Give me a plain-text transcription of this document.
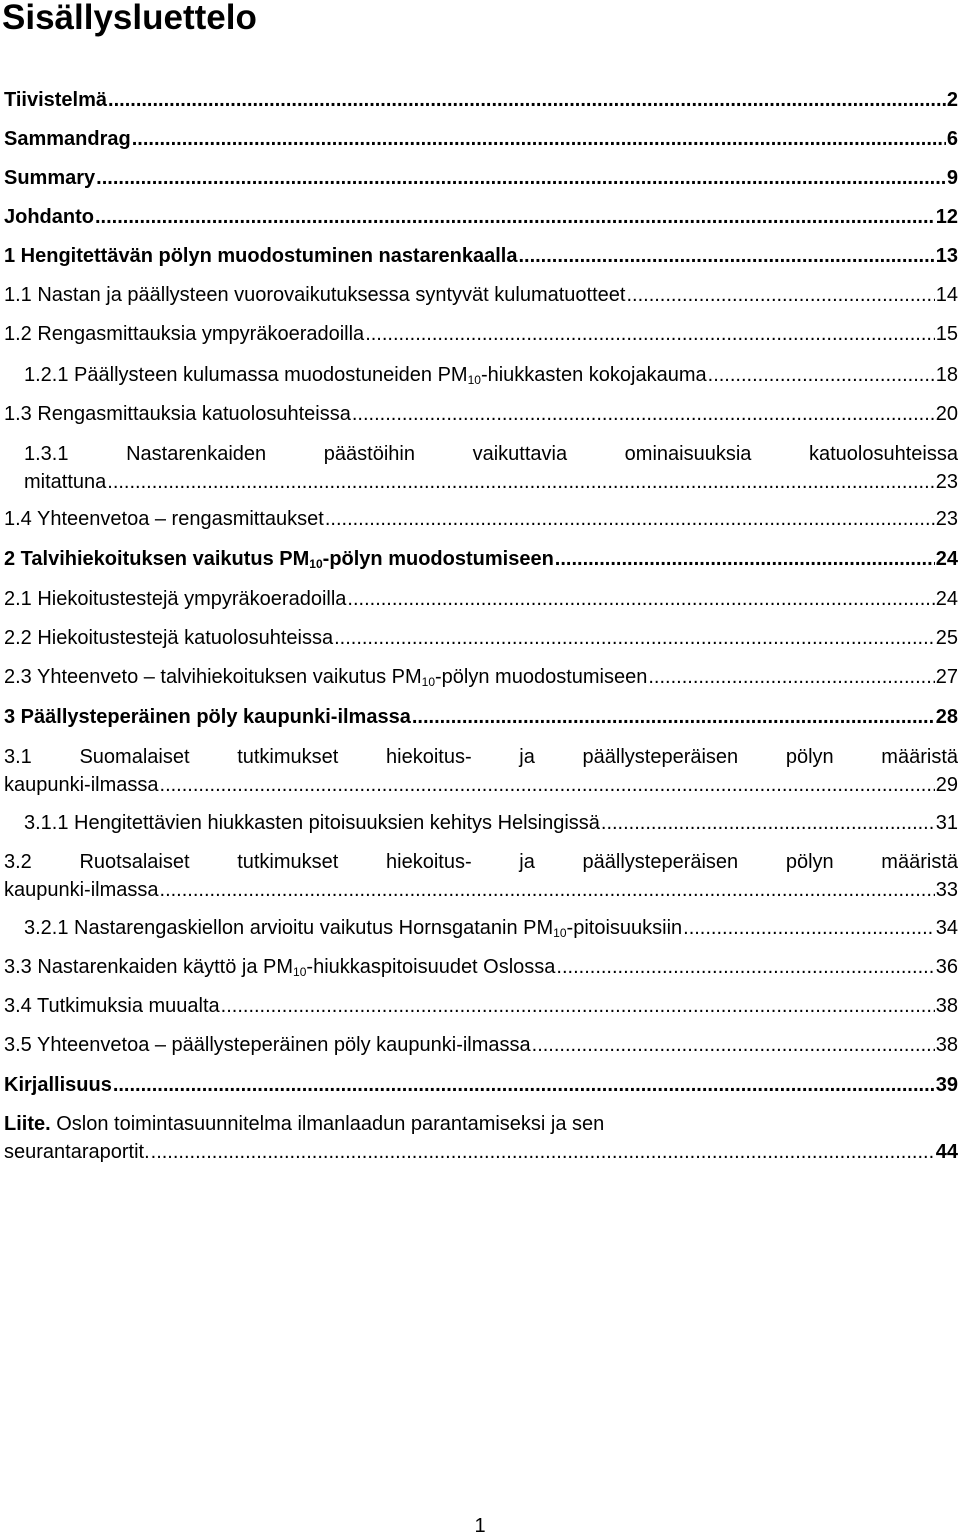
Sisällysluettelo
Tiivistelmä .....	2
Sammandrag .....	6
Summary .....	9
Johdanto .....	12
1 Hengitettävän pölyn muodostuminen nastarenkaalla .....	13
1.1 Nastan ja päällysteen vuorovaikutuksessa syntyvät kulumatuotteet .....	14
1.2 Rengasmittauksia ympyräkoeradoilla .....	15
1.2.1 Päällysteen kulumassa muodostuneiden $PM_{10}$-hiukkasten kokojakauma .....	18
1.3 Rengasmittauksia katuolosuhteissa .....	20
1.3.1 Nastarenkaiden päästöihin vaikuttavia ominaisuuksia katuolosuhteissa
mitattuna .....	23
1.4 Yhteenvetoa – rengasmittaukset .....	23
2 Talvihiekoituksen vaikutus $PM_{10}$-pölyn muodostumiseen .....	24
2.1 Hiekoitustestejä ympyräkoeradoilla .....	24
2.2 Hiekoitustestejä katuolosuhteissa .....	25
2.3 Yhteenveto – talvihiekoituksen vaikutus $PM_{10}$-pölyn muodostumiseen .....	27
3 Päällysteperäinen pöly kaupunki-ilmassa .....	28
3.1 Suomalaiset tutkimukset hiekoitus- ja päällysteperäisen pölyn määristä
kaupunki-ilmassa .....	29
3.1.1 Hengitettävien hiukkasten pitoisuuksien kehitys Helsingissä .....	31
3.2 Ruotsalaiset tutkimukset hiekoitus- ja päällysteperäisen pölyn määristä
kaupunki-ilmassa .....	33
3.2.1 Nastarengaskiellon arvioitu vaikutus Hornsgatanin $PM_{10}$-pitoisuuksiin .....	34
3.3 Nastarenkaiden käyttö ja $PM_{10}$-hiukkaspitoisuudet Oslossa .....	36
3.4 Tutkimuksia muualta .....	38
3.5 Yhteenvetoa – päällysteperäinen pöly kaupunki-ilmassa .....	38
Kirjallisuus .....	39
Liite. Oslon toimintasuunnitelma ilmanlaadun parantamiseksi ja sen
seurantaraportit. .....	44

1
